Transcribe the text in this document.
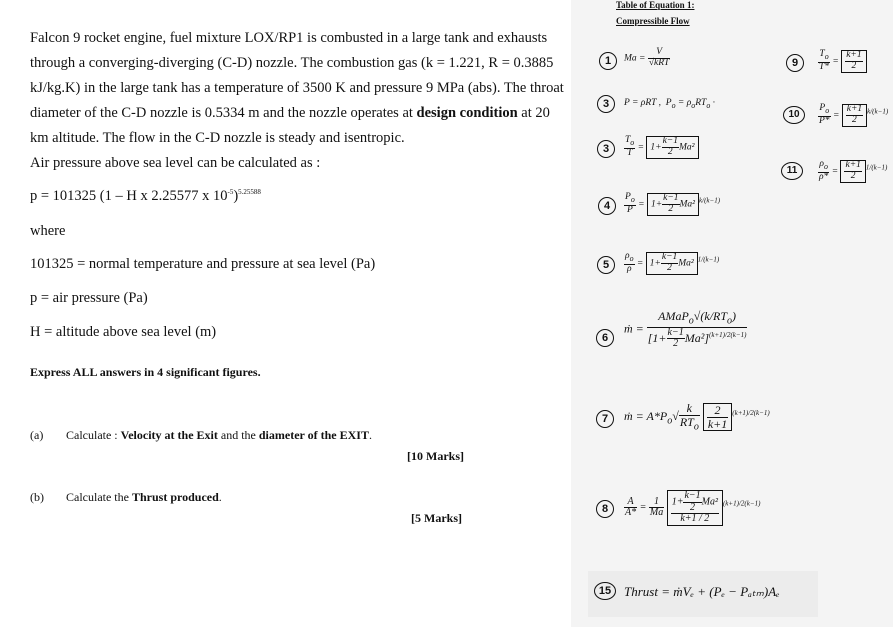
Falcon 9 rocket engine, fuel mixture LOX/RP1 is combusted in a large tank and exhausts
through a converging-diverging (C-D) nozzle. The combustion gas (k = 1.221, R = 0.3885
kJ/kg.K) in the large tank has a temperature of 3500 K and pressure 9 MPa (abs). The throat
diameter of the C-D nozzle is 0.5334 m and the nozzle operates at design condition at 20
km altitude. The flow in the C-D nozzle is steady and isentropic.
Air pressure above sea level can be calculated as :
p = 101325 (1 – H x 2.25577 x $10^{-5})^{5.25588}$
where
101325 = normal temperature and pressure at sea level (Pa)
p = air pressure (Pa)
H = altitude above sea level (m)
Express ALL answers in 4 significant figures.
(a) Calculate : Velocity at the Exit and the diameter of the EXIT.
[10 Marks]
(b) Calculate the Thrust produced.
[5 Marks]
Table of Equation 1:
Compressible Flow
1
3
3
4
5
6
7
8
9
10
11
15
$Ma = \frac{V}{\text{√kRT}}$
P = ρRT ,  $P_o = \rho_oRT_o$ ·
$\frac{T_o}{T} = 1+ \frac{k-1}{2} Ma^2$
$\frac{P_o}{P} = 1+ \frac{k-1}{2} Ma^2$ $^{k/(k-1)}$
$\frac{\rho_o}{\rho} = 1+ \frac{k-1}{2} Ma^2$ $^{1/(k-1)}$
ṁ = $\frac{AMaP_o√(k/RT_o)}{[1+ \frac{k-1}{2} Ma^2]^{(k+1)/2(k-1)}}$
ṁ = $A*P_o√ \frac{k}{RT_o}$
$\frac{2}{k+1} ^{(k+1)/2(k-1)}$
$\frac{A}{A*} = \frac{1}{Ma}$
$\frac{1+ \frac{k-1}{2} Ma^2}{k+1 / 2} ^{(k+1)/2(k-1)}$
$\frac{T_o}{T*} = \frac{k+1}{2}$
$\frac{P_o}{P*} = \frac{k+1}{2} ^{k/(k-1)}$
$\frac{\rho_o}{\rho*} = \frac{k+1}{2} ^{1/(k-1)}$
Thrust = ṁVₑ + (Pₑ − Pₐₜₘ)Aₑ
